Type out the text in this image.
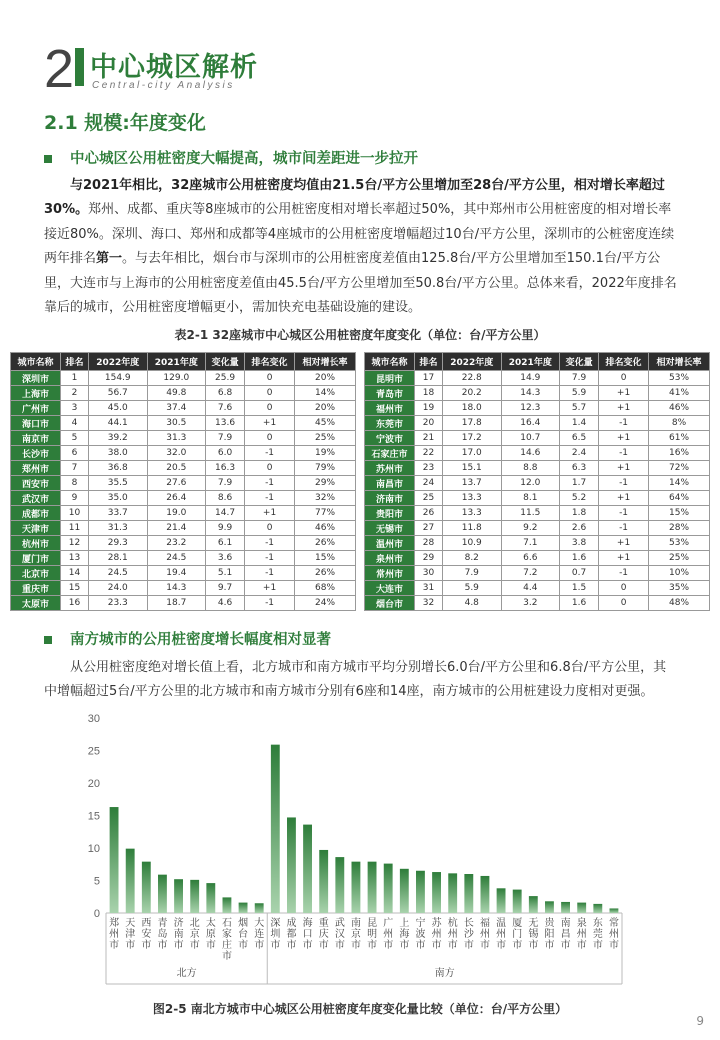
2 中心城区解析
Central-city Analysis
2.1 规模:年度变化
中心城区公用桩密度大幅提高，城市间差距进一步拉开
与2021年相比，32座城市公用桩密度均值由21.5台/平方公里增加至28台/平方公里，相对增长率超过30%。郑州、成都、重庆等8座城市的公用桩密度相对增长率超过50%，其中郑州市公用桩密度的相对增长率接近80%。深圳、海口、郑州和成都等4座城市的公用桩密度增幅超过10台/平方公里，深圳市的公桩密度连续两年排名第一。与去年相比，烟台市与深圳市的公用桩密度差值由125.8台/平方公里增加至150.1台/平方公里，大连市与上海市的公用桩密度差值由45.5台/平方公里增加至50.8台/平方公里。总体来看，2022年度排名靠后的城市，公用桩密度增幅更小，需加快充电基础设施的建设。
表2-1 32座城市中心城区公用桩密度年度变化（单位：台/平方公里）
城市名称	排名	2022年度	2021年度	变化量	排名变化	相对增长率
深圳市	1	154.9	129.0	25.9	0	20%
上海市	2	56.7	49.8	6.8	0	14%
广州市	3	45.0	37.4	7.6	0	20%
海口市	4	44.1	30.5	13.6	+1	45%
南京市	5	39.2	31.3	7.9	0	25%
长沙市	6	38.0	32.0	6.0	-1	19%
郑州市	7	36.8	20.5	16.3	0	79%
西安市	8	35.5	27.6	7.9	-1	29%
武汉市	9	35.0	26.4	8.6	-1	32%
成都市	10	33.7	19.0	14.7	+1	77%
天津市	11	31.3	21.4	9.9	0	46%
杭州市	12	29.3	23.2	6.1	-1	26%
厦门市	13	28.1	24.5	3.6	-1	15%
北京市	14	24.5	19.4	5.1	-1	26%
重庆市	15	24.0	14.3	9.7	+1	68%
太原市	16	23.3	18.7	4.6	-1	24%
城市名称	排名	2022年度	2021年度	变化量	排名变化	相对增长率
昆明市	17	22.8	14.9	7.9	0	53%
青岛市	18	20.2	14.3	5.9	+1	41%
福州市	19	18.0	12.3	5.7	+1	46%
东莞市	20	17.8	16.4	1.4	-1	8%
宁波市	21	17.2	10.7	6.5	+1	61%
石家庄市	22	17.0	14.6	2.4	-1	16%
苏州市	23	15.1	8.8	6.3	+1	72%
南昌市	24	13.7	12.0	1.7	-1	14%
济南市	25	13.3	8.1	5.2	+1	64%
贵阳市	26	13.3	11.5	1.8	-1	15%
无锡市	27	11.8	9.2	2.6	-1	28%
温州市	28	10.9	7.1	3.8	+1	53%
泉州市	29	8.2	6.6	1.6	+1	25%
常州市	30	7.9	7.2	0.7	-1	10%
大连市	31	5.9	4.4	1.5	0	35%
烟台市	32	4.8	3.2	1.6	0	48%
南方城市的公用桩密度增长幅度相对显著
从公用桩密度绝对增长值上看，北方城市和南方城市平均分别增长6.0台/平方公里和6.8台/平方公里，其中增幅超过5台/平方公里的北方城市和南方城市分别有6座和14座，南方城市的公用桩建设力度相对更强。
0
5
10
15
20
25
30
郑
州
市
天
津
市
西
安
市
青
岛
市
济
南
市
北
京
市
太
原
市
石
家
庄
市
烟
台
市
大
连
市
北方
深
圳
市
成
都
市
海
口
市
重
庆
市
武
汉
市
南
京
市
昆
明
市
广
州
市
上
海
市
宁
波
市
苏
州
市
杭
州
市
长
沙
市
福
州
市
温
州
市
厦
门
市
无
锡
市
贵
阳
市
南
昌
市
泉
州
市
东
莞
市
常
州
市
南方
图2-5 南北方城市中心城区公用桩密度年度变化量比较（单位：台/平方公里）
9
